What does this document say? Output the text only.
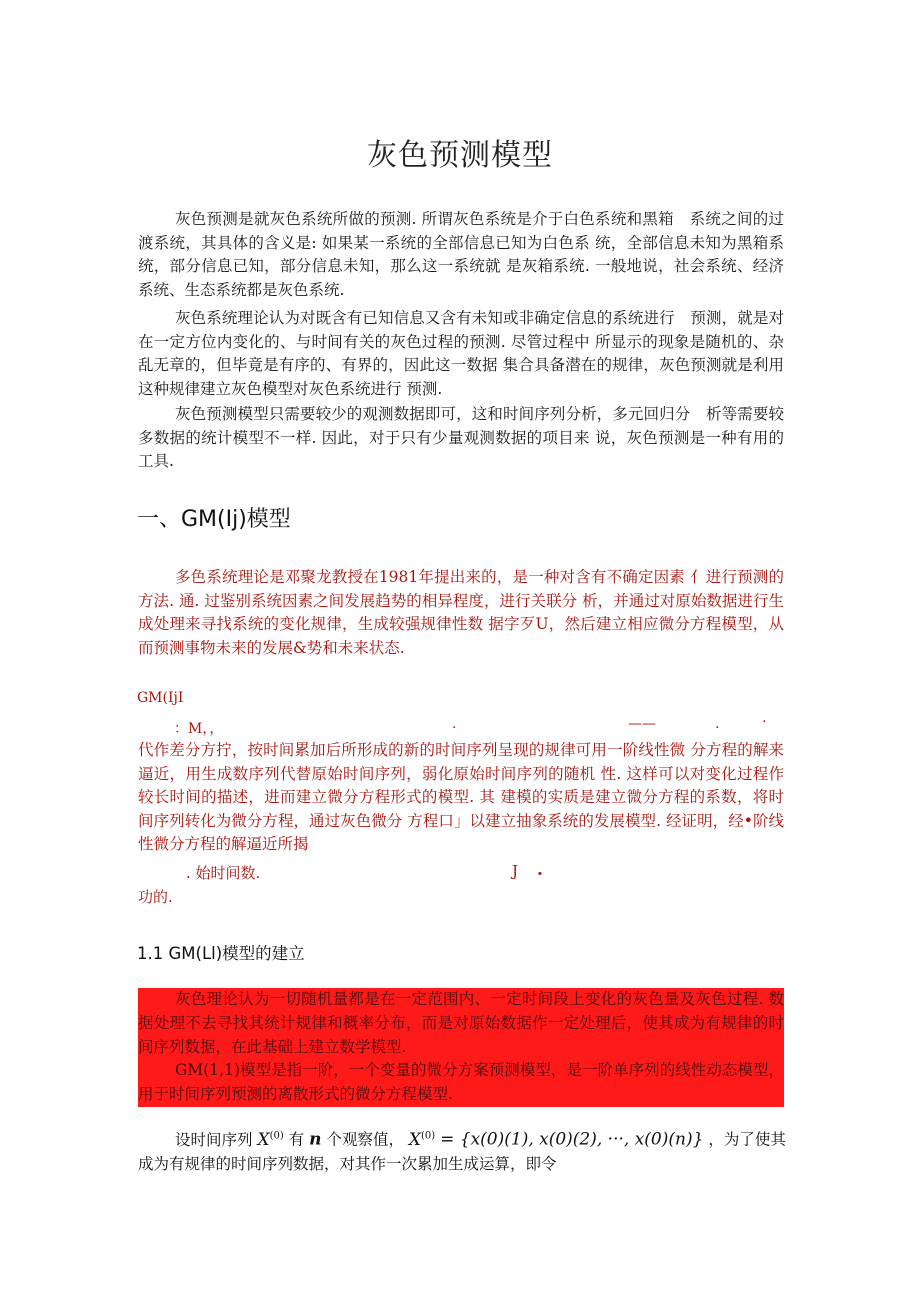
灰色预测模型

灰色预测是就灰色系统所做的预测. 所谓灰色系统是介于白色系统和黑箱　系统之间的过渡系统，其具体的含义是: 如果某一系统的全部信息已知为白色系 统，全部信息未知为黑箱系统，部分信息已知，部分信息未知，那么这一系统就 是灰箱系统. 一般地说，社会系统、经济系统、生态系统都是灰色系统.

灰色系统理论认为对既含有已知信息又含有未知或非确定信息的系统进行　预测，就是对在一定方位内变化的、与时间有关的灰色过程的预测. 尽管过程中 所显示的现象是随机的、杂乱无章的，但毕竟是有序的、有界的，因此这一数据 集合具备潜在的规律，灰色预测就是利用这种规律建立灰色模型对灰色系统进行 预测.

灰色预测模型只需要较少的观测数据即可，这和时间序列分析，多元回归分　析等需要较多数据的统计模型不一样. 因此，对于只有少量观测数据的项目来 说，灰色预测是一种有用的工具.

一、GM(Ij)模型

多色系统理论是邓聚龙教授在1981年提出来的，是一种对含有不确定因素 亻进行预测的方法. 通. 过鉴别系统因素之间发展趋势的相异程度，进行关联分 析，并通过对原始数据进行生成处理来寻找系统的变化规律，生成较强规律性数 据字歹U，然后建立相应微分方程模型，从而预测事物未来的发展&势和未来状态.

GM(IjI

：M，，	.	——	.	·

代作差分方拧，按时间累加后所形成的新的时间序列呈现的规律可用一阶线性微 分方程的解来逼近，用生成数序列代替原始时间序列，弱化原始时间序列的随机 性. 这样可以对变化过程作较长时间的描述，进而建立微分方程形式的模型. 其 建模的实质是建立微分方程的系数，将时间序列转化为微分方程，通过灰色微分 方程口」以建立抽象系统的发展模型. 经证明，经•阶线性微分方程的解逼近所揭

. 始时间数.	J .

功的.

1.1 GM(Ll)模型的建立

灰色理论认为一切随机量都是在一定范围内、一定时间段上变化的灰色量及灰色过程. 数据处理不去寻找其统计规律和概率分布，而是对原始数据作一定处理后，使其成为有规律的时间序列数据，在此基础上建立数学模型.

GM(1,1)模型是指一阶，一个变量的微分方案预测模型，是一阶单序列的线性动态模型，用于时间序列预测的离散形式的微分方程模型.

设时间序列 $X^{(0)}$ 有 n 个观察值， $X^{(0)} = \{x(0)(1)$, x(0)(2), ···, x(0)(n)} ，为了使其成为有规律的时间序列数据，对其作一次累加生成运算，即令
